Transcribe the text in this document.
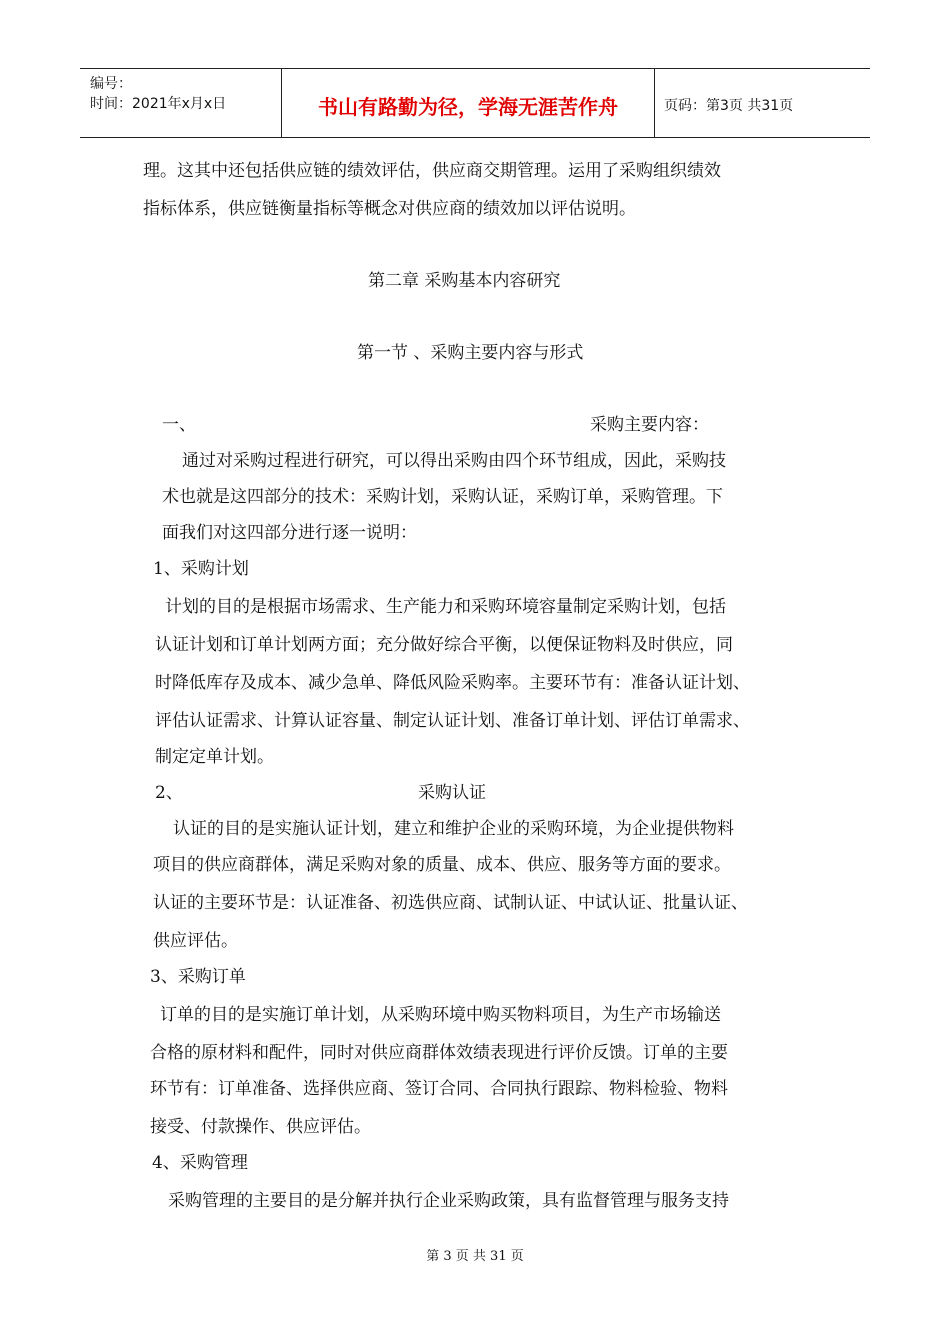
编号：
时间：2021年x月x日	书山有路勤为径，学海无涯苦作舟	页码：第3页 共31页
理。这其中还包括供应链的绩效评估，供应商交期管理。运用了采购组织绩效
指标体系，供应链衡量指标等概念对供应商的绩效加以评估说明。
第二章 采购基本内容研究
第一节 、采购主要内容与形式
一、	采购主要内容：
通过对采购过程进行研究，可以得出采购由四个环节组成，因此，采购技
术也就是这四部分的技术：采购计划，采购认证，采购订单，采购管理。下
面我们对这四部分进行逐一说明：
1、采购计划
计划的目的是根据市场需求、生产能力和采购环境容量制定采购计划，包括
认证计划和订单计划两方面；充分做好综合平衡，以便保证物料及时供应，同
时降低库存及成本、减少急单、降低风险采购率。主要环节有：准备认证计划、
评估认证需求、计算认证容量、制定认证计划、准备订单计划、评估订单需求、
制定定单计划。
2、	采购认证
认证的目的是实施认证计划，建立和维护企业的采购环境，为企业提供物料
项目的供应商群体，满足采购对象的质量、成本、供应、服务等方面的要求。
认证的主要环节是：认证准备、初选供应商、试制认证、中试认证、批量认证、
供应评估。
3、采购订单
订单的目的是实施订单计划，从采购环境中购买物料项目，为生产市场输送
合格的原材料和配件，同时对供应商群体效绩表现进行评价反馈。订单的主要
环节有：订单准备、选择供应商、签订合同、合同执行跟踪、物料检验、物料
接受、付款操作、供应评估。
4、采购管理
采购管理的主要目的是分解并执行企业采购政策，具有监督管理与服务支持
第 3 页 共 31 页
